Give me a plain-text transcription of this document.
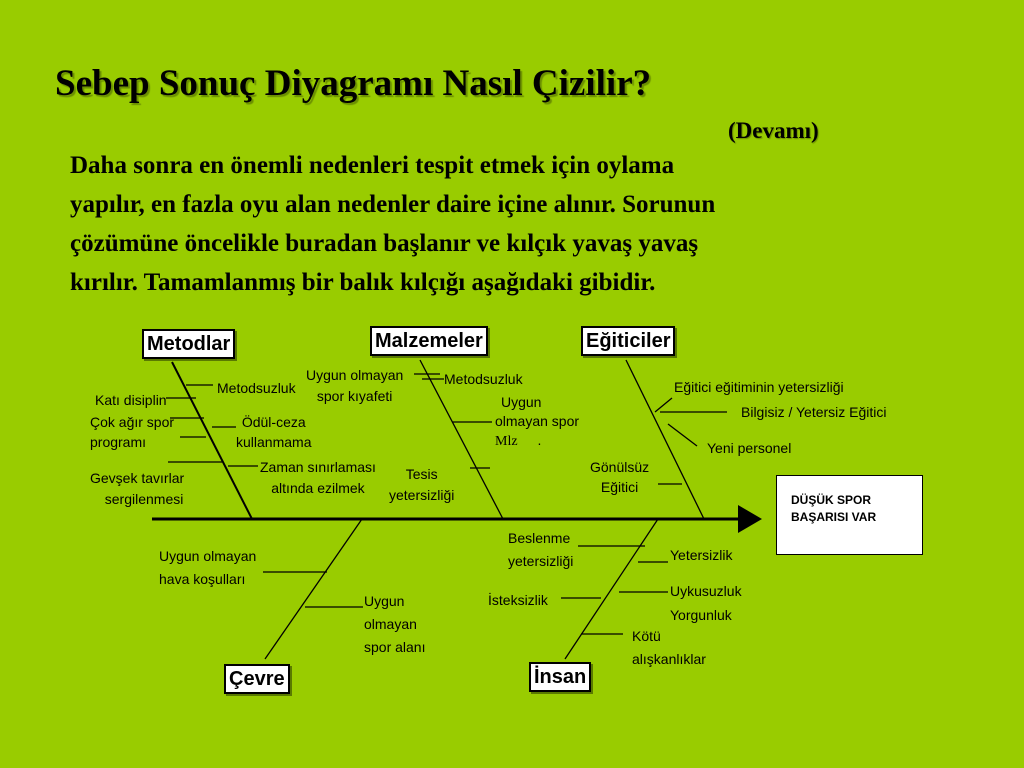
Sebep Sonuç Diyagramı Nasıl Çizilir?
(Devamı)
Daha sonra en önemli nedenleri tespit etmek için oylama
yapılır, en fazla oyu alan nedenler daire içine alınır. Sorunun
çözümüne öncelikle buradan başlanır ve kılçık yavaş yavaş
kırılır. Tamamlanmış bir balık kılçığı aşağıdaki gibidir.
Metodlar	Malzemeler	Eğiticiler
Çevre	İnsan
DÜŞÜK SPOR
BAŞARISI VAR
Metodsuzluk
Katı disiplin
Çok ağır spor
programı
Ödül-ceza
kullanmama
Gevşek tavırlar
sergilenmesi
Zaman sınırlaması
altında ezilmek
Uygun olmayan
spor kıyafeti
Metodsuzluk
Uygun
olmayan spor
Mlz .
Tesis
yetersizliği
Eğitici eğitiminin yetersizliği
Bilgisiz / Yetersiz Eğitici
Yeni personel
Gönülsüz
Eğitici
Uygun olmayan
hava koşulları
Uygun
olmayan
spor alanı
Beslenme
yetersizliği	Yetersizlik
İsteksizlik
Uykusuzluk
Yorgunluk
Kötü
alışkanlıklar
